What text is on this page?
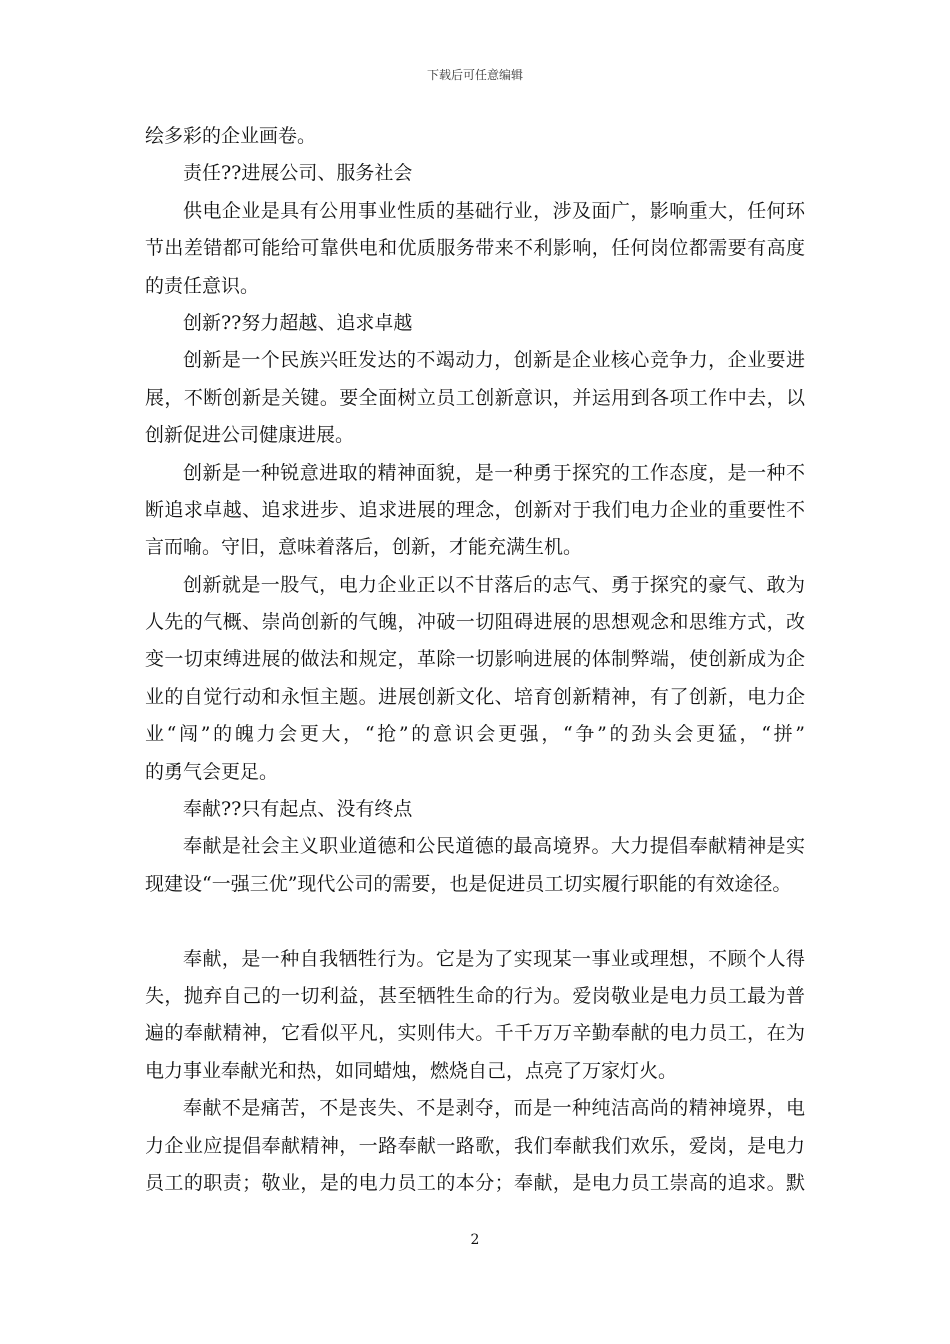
下载后可任意编辑
绘多彩的企业画卷。
责任??进展公司、服务社会
供电企业是具有公用事业性质的基础行业，涉及面广，影响重大，任何环
节出差错都可能给可靠供电和优质服务带来不利影响，任何岗位都需要有高度
的责任意识。
创新??努力超越、追求卓越
创新是一个民族兴旺发达的不竭动力，创新是企业核心竞争力，企业要进
展，不断创新是关键。要全面树立员工创新意识，并运用到各项工作中去，以
创新促进公司健康进展。
创新是一种锐意进取的精神面貌，是一种勇于探究的工作态度，是一种不
断追求卓越、追求进步、追求进展的理念，创新对于我们电力企业的重要性不
言而喻。守旧，意味着落后，创新，才能充满生机。
创新就是一股气，电力企业正以不甘落后的志气、勇于探究的豪气、敢为
人先的气概、崇尚创新的气魄，冲破一切阻碍进展的思想观念和思维方式，改
变一切束缚进展的做法和规定，革除一切影响进展的体制弊端，使创新成为企
业的自觉行动和永恒主题。进展创新文化、培育创新精神，有了创新，电力企
业“闯”的魄力会更大，“抢”的意识会更强，“争”的劲头会更猛，“拼”
的勇气会更足。
奉献??只有起点、没有终点
奉献是社会主义职业道德和公民道德的最高境界。大力提倡奉献精神是实
现建设“一强三优”现代公司的需要，也是促进员工切实履行职能的有效途径。
奉献，是一种自我牺牲行为。它是为了实现某一事业或理想，不顾个人得
失，抛弃自己的一切利益，甚至牺牲生命的行为。爱岗敬业是电力员工最为普
遍的奉献精神，它看似平凡，实则伟大。千千万万辛勤奉献的电力员工，在为
电力事业奉献光和热，如同蜡烛，燃烧自己，点亮了万家灯火。
奉献不是痛苦，不是丧失、不是剥夺，而是一种纯洁高尚的精神境界，电
力企业应提倡奉献精神，一路奉献一路歌，我们奉献我们欢乐，爱岗，是电力
员工的职责；敬业，是的电力员工的本分；奉献，是电力员工崇高的追求。默
2
